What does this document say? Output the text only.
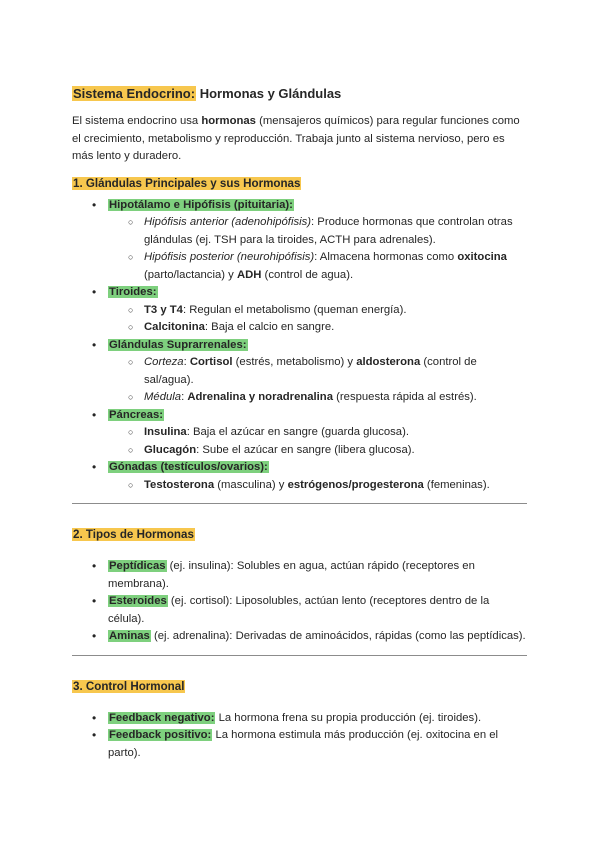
Sistema Endocrino: Hormonas y Glándulas

El sistema endocrino usa hormonas (mensajeros químicos) para regular funciones como el crecimiento, metabolismo y reproducción. Trabaja junto al sistema nervioso, pero es más lento y duradero.

1. Glándulas Principales y sus Hormonas
• Hipotálamo e Hipófisis (pituitaria):
○ Hipófisis anterior (adenohipófisis): Produce hormonas que controlan otras glándulas (ej. TSH para la tiroides, ACTH para adrenales).
○ Hipófisis posterior (neurohipófisis): Almacena hormonas como oxitocina (parto/lactancia) y ADH (control de agua).
• Tiroides:
○ T3 y T4: Regulan el metabolismo (queman energía).
○ Calcitonina: Baja el calcio en sangre.
• Glándulas Suprarrenales:
○ Corteza: Cortisol (estrés, metabolismo) y aldosterona (control de sal/agua).
○ Médula: Adrenalina y noradrenalina (respuesta rápida al estrés).
• Páncreas:
○ Insulina: Baja el azúcar en sangre (guarda glucosa).
○ Glucagón: Sube el azúcar en sangre (libera glucosa).
• Gónadas (testículos/ovarios):
○ Testosterona (masculina) y estrógenos/progesterona (femeninas).
2. Tipos de Hormonas
• Peptídicas (ej. insulina): Solubles en agua, actúan rápido (receptores en membrana).
• Esteroides (ej. cortisol): Liposolubles, actúan lento (receptores dentro de la célula).
• Aminas (ej. adrenalina): Derivadas de aminoácidos, rápidas (como las peptídicas).
3. Control Hormonal
• Feedback negativo: La hormona frena su propia producción (ej. tiroides).
• Feedback positivo: La hormona estimula más producción (ej. oxitocina en el parto).
